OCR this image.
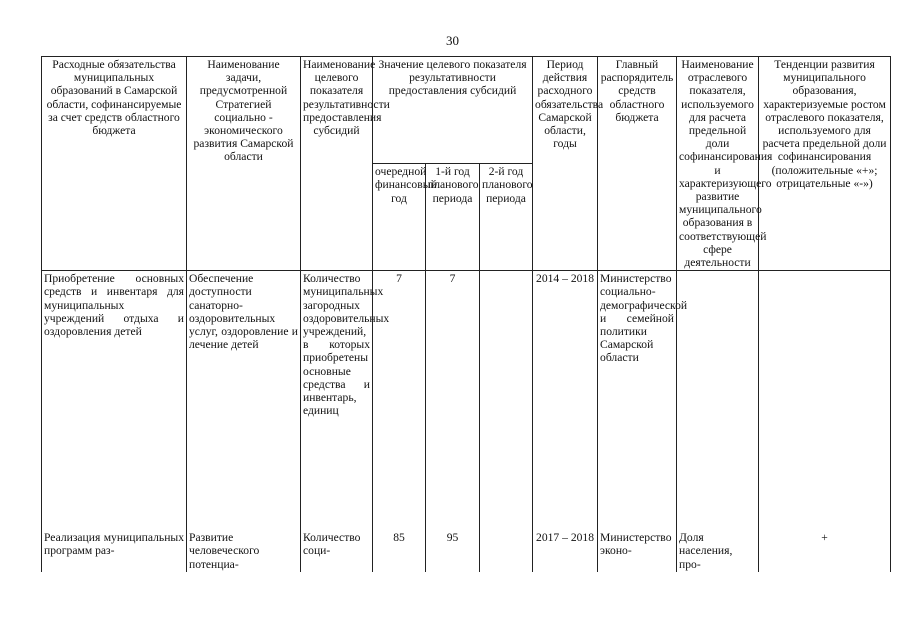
30
Расходные обязательства муниципальных образований в Самарской области, софинансируемые за счет средств областного бюджета	Наименование задачи, предусмотренной Стратегией социально - экономического развития Самарской области	Наименование целевого показателя результативности предоставления субсидий	Значение целевого показателя результативности предоставления субсидий			Период действия расходного обязательства Самарской области, годы	Главный распорядитель средств областного бюджета	Наименование отраслевого показателя, используемого для расчета предельной доли софинансирования и характеризующего развитие муниципального образования в соответствующей сфере деятельности	Тенденции развития муниципального образования, характеризуемые ростом отраслевого показателя, используемого для расчета предельной доли софинансирования (положительные «+»; отрицательные «-»)
			очередной финансовый год	1-й год планового периода	2-й год планового периода				
Приобретение основных средств и инвентаря для муниципальных учреждений отдыха и оздоровления детей	Обеспечение доступности санаторно-оздоровительных услуг, оздоровление и лечение детей	Количество муниципальных загородных оздоровительных учреждений, в которых приобретены основные средства и инвентарь, единиц	7	7		2014 – 2018	Министерство социально-демографической и семейной политики Самарской области		
Реализация муниципальных программ раз-	Развитие человеческого потенциа-	Количество соци-	85	95		2017 – 2018	Министерство эконо-	Доля населения, про-	+
